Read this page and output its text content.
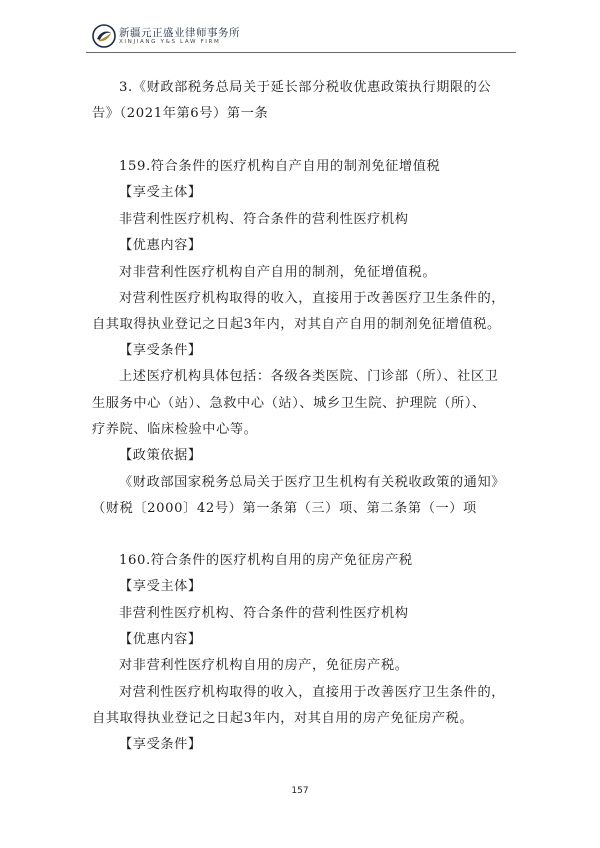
新疆元正盛业律师事务所
XINJIANG Y&S LAW FIRM
3.《财政部税务总局关于延长部分税收优惠政策执行期限的公
告》（2021年第6号）第一条
159.符合条件的医疗机构自产自用的制剂免征增值税
【享受主体】
非营利性医疗机构、符合条件的营利性医疗机构
【优惠内容】
对非营利性医疗机构自产自用的制剂，免征增值税。
对营利性医疗机构取得的收入，直接用于改善医疗卫生条件的，
自其取得执业登记之日起3年内，对其自产自用的制剂免征增值税。
【享受条件】
上述医疗机构具体包括：各级各类医院、门诊部（所）、社区卫
生服务中心（站）、急救中心（站）、城乡卫生院、护理院（所）、
疗养院、临床检验中心等。
【政策依据】
《财政部国家税务总局关于医疗卫生机构有关税收政策的通知》
（财税〔2000〕42号）第一条第（三）项、第二条第（一）项
160.符合条件的医疗机构自用的房产免征房产税
【享受主体】
非营利性医疗机构、符合条件的营利性医疗机构
【优惠内容】
对非营利性医疗机构自用的房产，免征房产税。
对营利性医疗机构取得的收入，直接用于改善医疗卫生条件的，
自其取得执业登记之日起3年内，对其自用的房产免征房产税。
【享受条件】
157
